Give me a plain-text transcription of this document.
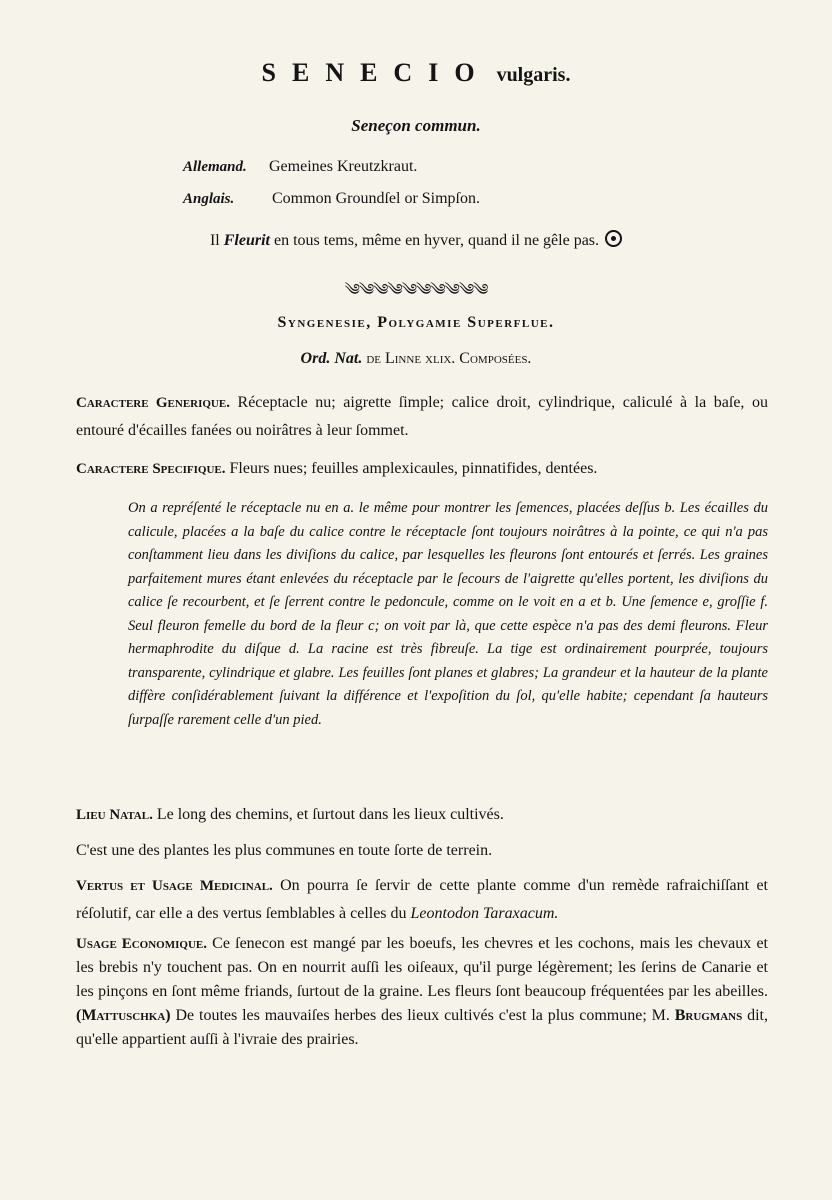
SENECIO vulgaris.
Seneçon commun.
Allemand. Gemeines Kreutzkraut.
Anglais. Common Groundſel or Simpſon.
Il Fleurit en tous tems, même en hyver, quand il ne gêle pas.
༄༄༄༄༄༄༄༄༄༄
Syngenesie, Polygamie Superflue.
Ord. Nat. de Linne xlix. Composées.
Caractere Generique. Réceptacle nu; aigrette ſimple; calice droit, cylindrique, caliculé à la baſe, ou entouré d'écailles fanées ou noirâtres à leur ſommet.
Caractere Specifique. Fleurs nues; feuilles amplexicaules, pinnatifides, dentées.
On a repréſenté le réceptacle nu en a. le même pour montrer les ſemences, placées deſſus b. Les écailles du calicule, placées a la baſe du calice contre le réceptacle ſont toujours noirâtres à la pointe, ce qui n'a pas conſtamment lieu dans les diviſions du calice, par lesquelles les fleurons ſont entourés et ſerrés. Les graines parfaitement mures étant enlevées du réceptacle par le ſecours de l'aigrette qu'elles portent, les diviſions du calice ſe recourbent, et ſe ſerrent contre le pedoncule, comme on le voit en a et b. Une ſemence e, groſſie f. Seul fleuron femelle du bord de la fleur c; on voit par là, que cette espèce n'a pas des demi fleurons. Fleur hermaphrodite du diſque d. La racine est très fibreuſe. La tige est ordinairement pourprée, toujours transparente, cylindrique et glabre. Les feuilles ſont planes et glabres; La grandeur et la hauteur de la plante diffère conſidérablement ſuivant la différence et l'expoſition du ſol, qu'elle habite; cependant ſa hauteurs ſurpaſſe rarement celle d'un pied.
Lieu Natal. Le long des chemins, et ſurtout dans les lieux cultivés.
C'est une des plantes les plus communes en toute ſorte de terrein.
Vertus et Usage Medicinal. On pourra ſe ſervir de cette plante comme d'un remède rafraichiſſant et réſolutif, car elle a des vertus ſemblables à celles du Leontodon Taraxacum.
Usage Economique. Ce ſenecon est mangé par les boeufs, les chevres et les cochons, mais les chevaux et les brebis n'y touchent pas. On en nourrit auſſi les oiſeaux, qu'il purge légèrement; les ſerins de Canarie et les pinçons en ſont même friands, ſurtout de la graine. Les fleurs ſont beaucoup fréquentées par les abeilles. (Mattuschka) De toutes les mauvaiſes herbes des lieux cultivés c'est la plus commune; M. Brugmans dit, qu'elle appartient auſſi à l'ivraie des prairies.
